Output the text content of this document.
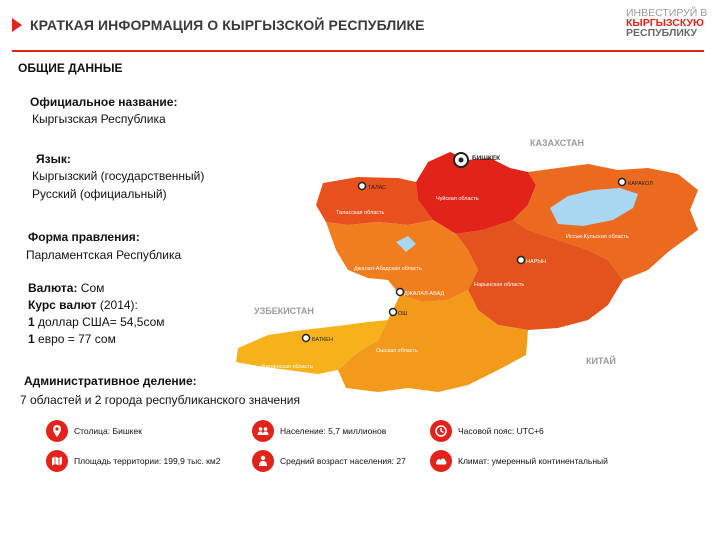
КРАТКАЯ ИНФОРМАЦИЯ О КЫРГЫЗСКОЙ РЕСПУБЛИКЕ
ИНВЕСТИРУЙ В
КЫРГЫЗСКУЮ
РЕСПУБЛИКУ
ОБЩИЕ ДАННЫЕ
Официальное название:
Кыргызская Республика
Язык:
Кыргызский (государственный)
Русский (официальный)
Форма правления:
Парламентская Республика
Валюта: Сом
Курс валют (2014):
1 доллар США= 54,5сом
1 евро = 77 сом
Административное деление:
7 областей и 2 города республиканского значения
КАЗАХСТАН
УЗБЕКИСТАН
КИТАЙ
БИШКЕК
ТАЛАС
КАРАКОЛ
НАРЫН
ДЖАЛАЛ-АБАД
ОШ
БАТКЕН
Чуйская область
Таласская область
Иссык-Кульская область
Джалал-Абадская область
Нарынская область
Ошская область
Баткенская область
Столица: Бишкек	Население: 5,7 миллионов	Часовой пояс: UTC+6
Площадь территории: 199,9 тыс. км2	Средний возраст населения: 27	Климат: умеренный континентальный
